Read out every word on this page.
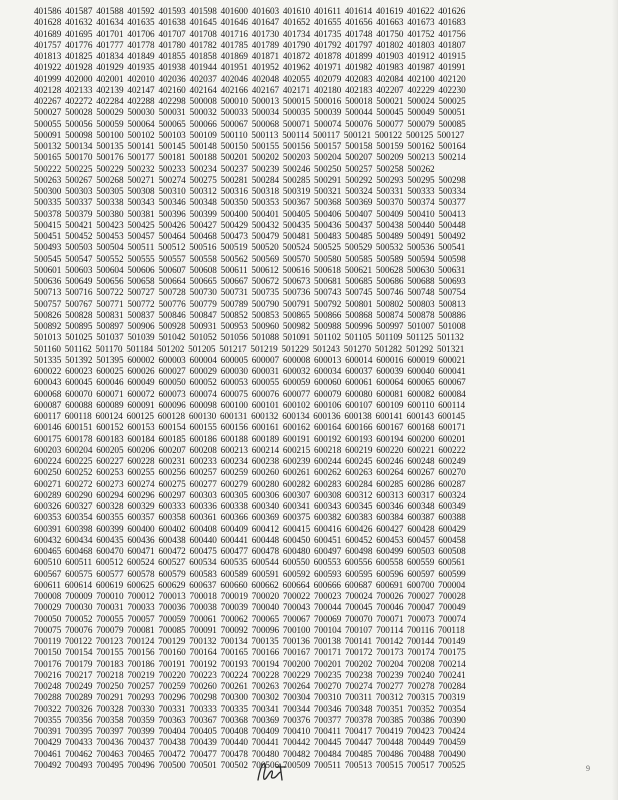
401586 401587 401588 401592 401593 401598 401600 401603 401610 401611 401614 401619 401622 401626
401628 401632 401634 401635 401638 401645 401646 401647 401652 401655 401656 401663 401673 401683
401689 401695 401701 401706 401707 401708 401716 401730 401734 401735 401748 401750 401752 401756
401757 401776 401777 401778 401780 401782 401785 401789 401790 401792 401797 401802 401803 401807
401813 401825 401834 401849 401855 401858 401869 401871 401872 401878 401899 401903 401912 401915
401922 401928 401929 401935 401938 401944 401951 401952 401962 401971 401982 401983 401987 401991
401999 402000 402001 402010 402036 402037 402046 402048 402055 402079 402083 402084 402100 402120
402128 402133 402139 402147 402160 402164 402166 402167 402171 402180 402183 402207 402229 402230
402267 402272 402284 402288 402298 500008 500010 500013 500015 500016 500018 500021 500024 500025
500027 500028 500029 500030 500031 500032 500033 500034 500035 500039 500044 500045 500049 500051
500055 500056 500059 500064 500065 500066 500067 500068 500071 500074 500076 500077 500079 500085
500091 500098 500100 500102 500103 500109 500110 500113 500114 500117 500121 500122 500125 500127
500132 500134 500135 500141 500145 500148 500150 500155 500156 500157 500158 500159 500162 500164
500165 500170 500176 500177 500181 500188 500201 500202 500203 500204 500207 500209 500213 500214
500222 500225 500229 500232 500233 500234 500237 500239 500246 500250 500257 500258 500262
500263 500267 500268 500271 500274 500275 500281 500284 500285 500291 500292 500293 500295 500298
500300 500303 500305 500308 500310 500312 500316 500318 500319 500321 500324 500331 500333 500334
500335 500337 500338 500343 500346 500348 500350 500353 500367 500368 500369 500370 500374 500377
500378 500379 500380 500381 500396 500399 500400 500401 500405 500406 500407 500409 500410 500413
500415 500421 500423 500425 500426 500427 500429 500432 500435 500436 500437 500438 500440 500448
500451 500452 500453 500457 500464 500468 500473 500479 500481 500483 500485 500489 500491 500492
500493 500503 500504 500511 500512 500516 500519 500520 500524 500525 500529 500532 500536 500541
500545 500547 500552 500555 500557 500558 500562 500569 500570 500580 500585 500589 500594 500598
500601 500603 500604 500606 500607 500608 500611 500612 500616 500618 500621 500628 500630 500631
500636 500649 500656 500658 500664 500665 500667 500672 500673 500681 500685 500686 500688 500693
500713 500716 500722 500727 500728 500730 500731 500735 500736 500743 500745 500746 500748 500754
500757 500767 500771 500772 500776 500779 500789 500790 500791 500792 500801 500802 500803 500813
500826 500828 500831 500837 500846 500847 500852 500853 500865 500866 500868 500874 500878 500886
500892 500895 500897 500906 500928 500931 500953 500960 500982 500988 500996 500997 501007 501008
501013 501025 501037 501039 501042 501052 501056 501088 501091 501102 501105 501109 501125 501132
501160 501162 501170 501184 501202 501205 501217 501219 501229 501243 501270 501282 501292 501321
501335 501392 501395 600002 600003 600004 600005 600007 600008 600013 600014 600016 600019 600021
600022 600023 600025 600026 600027 600029 600030 600031 600032 600034 600037 600039 600040 600041
600043 600045 600046 600049 600050 600052 600053 600055 600059 600060 600061 600064 600065 600067
600068 600070 600071 600072 600073 600074 600075 600076 600077 600079 600080 600081 600082 600084
600087 600088 600089 600091 600096 600098 600100 600101 600102 600106 600107 600109 600110 600114
600117 600118 600124 600125 600128 600130 600131 600132 600134 600136 600138 600141 600143 600145
600146 600151 600152 600153 600154 600155 600156 600161 600162 600164 600166 600167 600168 600171
600175 600178 600183 600184 600185 600186 600188 600189 600191 600192 600193 600194 600200 600201
600203 600204 600205 600206 600207 600208 600213 600214 600215 600218 600219 600220 600221 600222
600224 600225 600227 600228 600231 600233 600234 600238 600239 600244 600245 600246 600248 600249
600250 600252 600253 600255 600256 600257 600259 600260 600261 600262 600263 600264 600267 600270
600271 600272 600273 600274 600275 600277 600279 600280 600282 600283 600284 600285 600286 600287
600289 600290 600294 600296 600297 600303 600305 600306 600307 600308 600312 600313 600317 600324
600326 600327 600328 600329 600333 600336 600338 600340 600341 600343 600345 600346 600348 600349
600353 600354 600355 600357 600358 600361 600366 600369 600375 600382 600383 600384 600387 600388
600391 600398 600399 600400 600402 600408 600409 600412 600415 600416 600426 600427 600428 600429
600432 600434 600435 600436 600438 600440 600441 600448 600450 600451 600452 600453 600457 600458
600465 600468 600470 600471 600472 600475 600477 600478 600480 600497 600498 600499 600503 600508
600510 600511 600512 600524 600527 600534 600535 600544 600550 600553 600556 600558 600559 600561
600567 600575 600577 600578 600579 600583 600589 600591 600592 600593 600595 600596 600597 600599
600611 600614 600619 600625 600629 600637 600660 600662 600664 600666 600687 600691 600700 700004
700008 700009 700010 700012 700013 700018 700019 700020 700022 700023 700024 700026 700027 700028
700029 700030 700031 700033 700036 700038 700039 700040 700043 700044 700045 700046 700047 700049
700050 700052 700055 700057 700059 700061 700062 700065 700067 700069 700070 700071 700073 700074
700075 700076 700079 700081 700085 700091 700092 700096 700100 700104 700107 700114 700116 700118
700119 700122 700123 700124 700129 700132 700134 700135 700136 700138 700141 700142 700144 700149
700150 700154 700155 700156 700160 700164 700165 700166 700167 700171 700172 700173 700174 700175
700176 700179 700183 700186 700191 700192 700193 700194 700200 700201 700202 700204 700208 700214
700216 700217 700218 700219 700220 700223 700224 700228 700229 700235 700238 700239 700240 700241
700248 700249 700250 700257 700259 700260 700261 700263 700264 700270 700274 700277 700278 700284
700288 700289 700291 700293 700296 700298 700300 700302 700304 700310 700311 700312 700315 700319
700322 700326 700328 700330 700331 700333 700335 700341 700344 700346 700348 700351 700352 700354
700355 700356 700358 700359 700363 700367 700368 700369 700376 700377 700378 700385 700386 700390
700391 700395 700397 700399 700404 700405 700408 700409 700410 700411 700417 700419 700423 700424
700429 700433 700436 700437 700438 700439 700440 700441 700442 700445 700447 700448 700449 700459
700461 700462 700463 700465 700472 700477 700478 700480 700482 700484 700485 700486 700488 700490
700492 700493 700495 700496 700500 700501 700502 700506 700509 700511 700513 700515 700517 700525	9
